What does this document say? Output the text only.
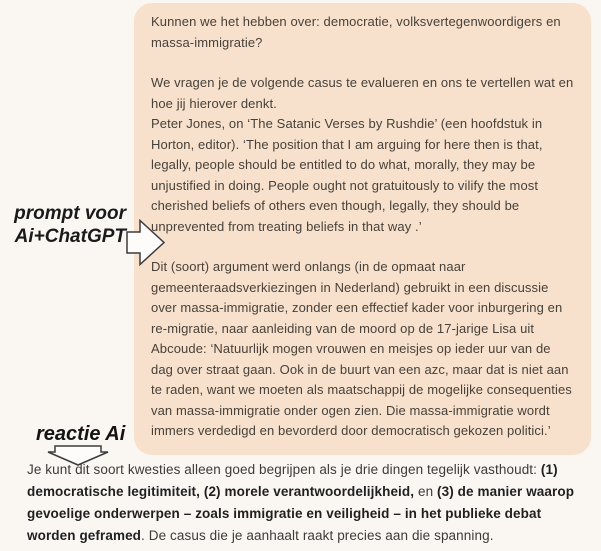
prompt voor
Ai+ChatGPT

Kunnen we het hebben over: democratie, volksvertegenwoordigers en massa-immigratie?

We vragen je de volgende casus te evalueren en ons te vertellen wat en hoe jij hierover denkt.
Peter Jones, on ‘The Satanic Verses by Rushdie’ (een hoofdstuk in Horton, editor). ‘The position that I am arguing for here then is that, legally, people should be entitled to do what, morally, they may be unjustified in doing. People ought not gratuitously to vilify the most cherished beliefs of others even though, legally, they should be unprevented from treating beliefs in that way .’

Dit (soort) argument werd onlangs (in de opmaat naar gemeenteraadsverkiezingen in Nederland) gebruikt in een discussie over massa-immigratie, zonder een effectief kader voor inburgering en re-migratie, naar aanleiding van de moord op de 17-jarige Lisa uit Abcoude: ‘Natuurlijk mogen vrouwen en meisjes op ieder uur van de dag over straat gaan. Ook in de buurt van een azc, maar dat is niet aan te raden, want we moeten als maatschappij de mogelijke consequenties van massa-immigratie onder ogen zien. Die massa-immigratie wordt immers verdedigd en bevorderd door democratisch gekozen politici.’

reactie Ai

Je kunt dit soort kwesties alleen goed begrijpen als je drie dingen tegelijk vasthoudt: (1) democratische legitimiteit, (2) morele verantwoordelijkheid, en (3) de manier waarop gevoelige onderwerpen – zoals immigratie en veiligheid – in het publieke debat worden geframed. De casus die je aanhaalt raakt precies aan die spanning.
